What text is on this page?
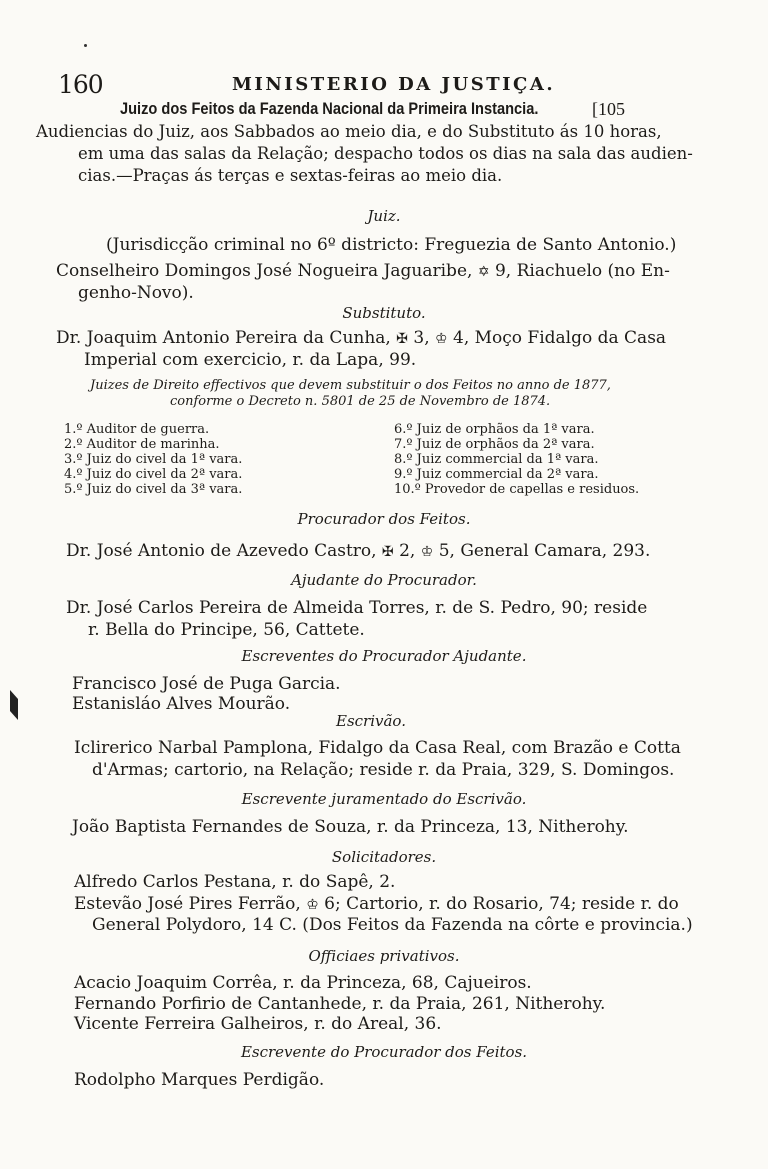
160	MINISTERIO DA JUSTIÇA.
Juizo dos Feitos da Fazenda Nacional da Primeira Instancia.	[105
Audiencias do Juiz, aos Sabbados ao meio dia, e do Substituto ás 10 horas,
em uma das salas da Relação; despacho todos os dias na sala das audien-
cias.—Praças ás terças e sextas-feiras ao meio dia.
Juiz.
(Jurisdicção criminal no 6º districto: Freguezia de Santo Antonio.)
Conselheiro Domingos José Nogueira Jaguaribe, ✡ 9, Riachuelo (no En-
genho-Novo).
Substituto.
Dr. Joaquim Antonio Pereira da Cunha, ✠ 3, ♔ 4, Moço Fidalgo da Casa
Imperial com exercicio, r. da Lapa, 99.
Juizes de Direito effectivos que devem substituir o dos Feitos no anno de 1877,
conforme o Decreto n. 5801 de 25 de Novembro de 1874.
1.º Auditor de guerra.
2.º Auditor de marinha.
3.º Juiz do civel da 1ª vara.
4.º Juiz do civel da 2ª vara.
5.º Juiz do civel da 3ª vara.
6.º Juiz de orphãos da 1ª vara.
7.º Juiz de orphãos da 2ª vara.
8.º Juiz commercial da 1ª vara.
9.º Juiz commercial da 2ª vara.
10.º Provedor de capellas e residuos.
Procurador dos Feitos.
Dr. José Antonio de Azevedo Castro, ✠ 2, ♔ 5, General Camara, 293.
Ajudante do Procurador.
Dr. José Carlos Pereira de Almeida Torres, r. de S. Pedro, 90; reside
r. Bella do Principe, 56, Cattete.
Escreventes do Procurador Ajudante.
Francisco José de Puga Garcia.
Estanisláo Alves Mourão.
Escrivão.
Iclirerico Narbal Pamplona, Fidalgo da Casa Real, com Brazão e Cotta
d'Armas; cartorio, na Relação; reside r. da Praia, 329, S. Domingos.
Escrevente juramentado do Escrivão.
João Baptista Fernandes de Souza, r. da Princeza, 13, Nitherohy.
Solicitadores.
Alfredo Carlos Pestana, r. do Sapê, 2.
Estevão José Pires Ferrão, ♔ 6; Cartorio, r. do Rosario, 74; reside r. do
General Polydoro, 14 C. (Dos Feitos da Fazenda na côrte e provincia.)
Officiaes privativos.
Acacio Joaquim Corrêa, r. da Princeza, 68, Cajueiros.
Fernando Porfirio de Cantanhede, r. da Praia, 261, Nitherohy.
Vicente Ferreira Galheiros, r. do Areal, 36.
Escrevente do Procurador dos Feitos.
Rodolpho Marques Perdigão.
